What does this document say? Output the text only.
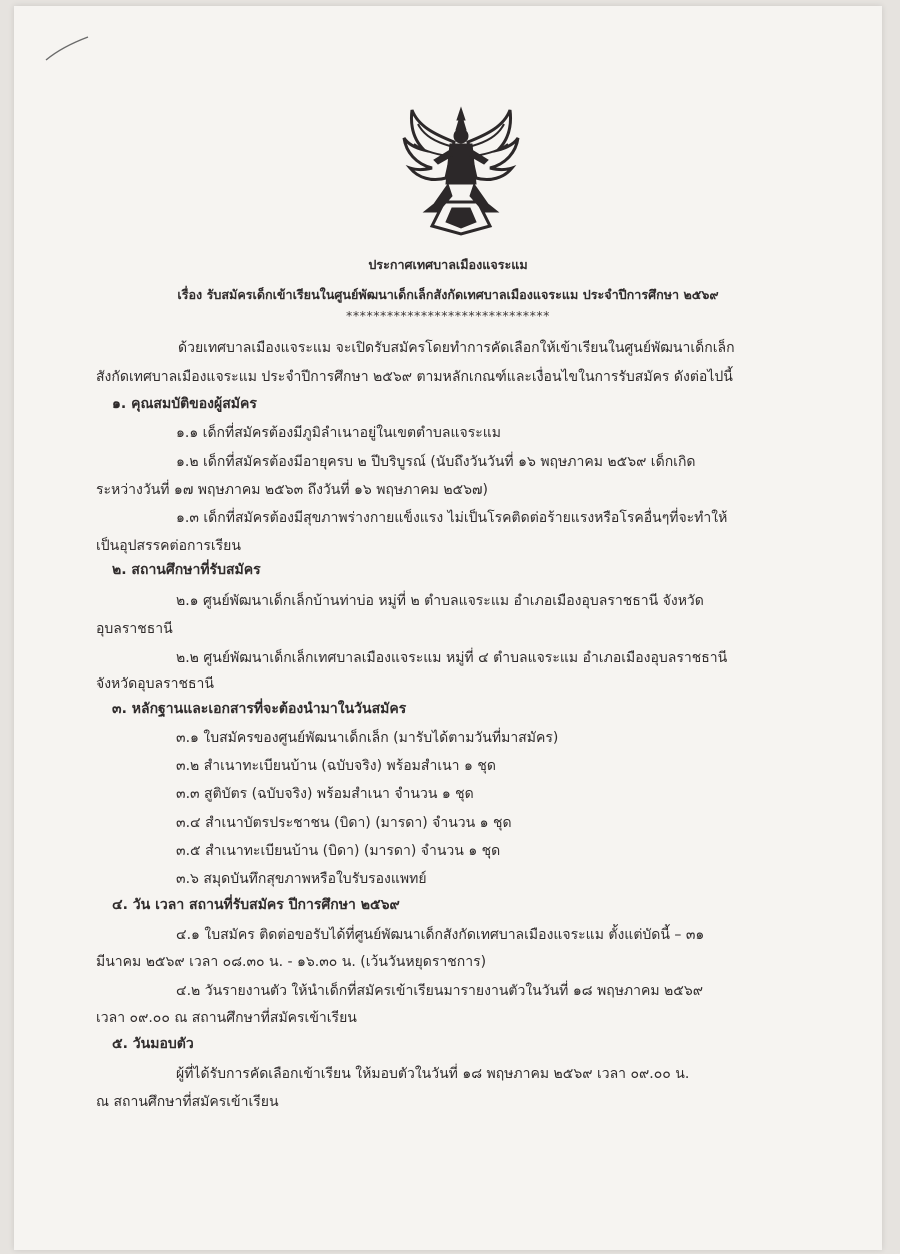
ประกาศเทศบาลเมืองแจระแม
เรื่อง รับสมัครเด็กเข้าเรียนในศูนย์พัฒนาเด็กเล็กสังกัดเทศบาลเมืองแจระแม ประจำปีการศึกษา ๒๕๖๙
******************************
ด้วยเทศบาลเมืองแจระแม จะเปิดรับสมัครโดยทำการคัดเลือกให้เข้าเรียนในศูนย์พัฒนาเด็กเล็ก
สังกัดเทศบาลเมืองแจระแม ประจำปีการศึกษา ๒๕๖๙ ตามหลักเกณฑ์และเงื่อนไขในการรับสมัคร ดังต่อไปนี้
๑. คุณสมบัติของผู้สมัคร
๑.๑ เด็กที่สมัครต้องมีภูมิลำเนาอยู่ในเขตตำบลแจระแม
๑.๒ เด็กที่สมัครต้องมีอายุครบ ๒ ปีบริบูรณ์ (นับถึงวันวันที่ ๑๖ พฤษภาคม ๒๕๖๙ เด็กเกิด
ระหว่างวันที่ ๑๗ พฤษภาคม ๒๕๖๓ ถึงวันที่ ๑๖ พฤษภาคม ๒๕๖๗)
๑.๓ เด็กที่สมัครต้องมีสุขภาพร่างกายแข็งแรง ไม่เป็นโรคติดต่อร้ายแรงหรือโรคอื่นๆที่จะทำให้
เป็นอุปสรรคต่อการเรียน
๒. สถานศึกษาที่รับสมัคร
๒.๑ ศูนย์พัฒนาเด็กเล็กบ้านท่าบ่อ หมู่ที่ ๒ ตำบลแจระแม อำเภอเมืองอุบลราชธานี จังหวัด
อุบลราชธานี
๒.๒ ศูนย์พัฒนาเด็กเล็กเทศบาลเมืองแจระแม หมู่ที่ ๔ ตำบลแจระแม อำเภอเมืองอุบลราชธานี
จังหวัดอุบลราชธานี
๓. หลักฐานและเอกสารที่จะต้องนำมาในวันสมัคร
๓.๑ ใบสมัครของศูนย์พัฒนาเด็กเล็ก (มารับได้ตามวันที่มาสมัคร)
๓.๒ สำเนาทะเบียนบ้าน (ฉบับจริง) พร้อมสำเนา ๑ ชุด
๓.๓ สูติบัตร (ฉบับจริง) พร้อมสำเนา จำนวน ๑ ชุด
๓.๔ สำเนาบัตรประชาชน (บิดา) (มารดา) จำนวน ๑ ชุด
๓.๕ สำเนาทะเบียนบ้าน (บิดา) (มารดา) จำนวน ๑ ชุด
๓.๖ สมุดบันทึกสุขภาพหรือใบรับรองแพทย์
๔. วัน เวลา สถานที่รับสมัคร ปีการศึกษา ๒๕๖๙
๔.๑ ใบสมัคร ติดต่อขอรับได้ที่ศูนย์พัฒนาเด็กสังกัดเทศบาลเมืองแจระแม ตั้งแต่บัดนี้ – ๓๑
มีนาคม ๒๕๖๙ เวลา ๐๘.๓๐ น. - ๑๖.๓๐ น. (เว้นวันหยุดราชการ)
๔.๒ วันรายงานตัว ให้นำเด็กที่สมัครเข้าเรียนมารายงานตัวในวันที่ ๑๘ พฤษภาคม ๒๕๖๙
เวลา ๐๙.๐๐ ณ สถานศึกษาที่สมัครเข้าเรียน
๕. วันมอบตัว
ผู้ที่ได้รับการคัดเลือกเข้าเรียน ให้มอบตัวในวันที่ ๑๘ พฤษภาคม ๒๕๖๙ เวลา ๐๙.๐๐ น.
ณ สถานศึกษาที่สมัครเข้าเรียน
